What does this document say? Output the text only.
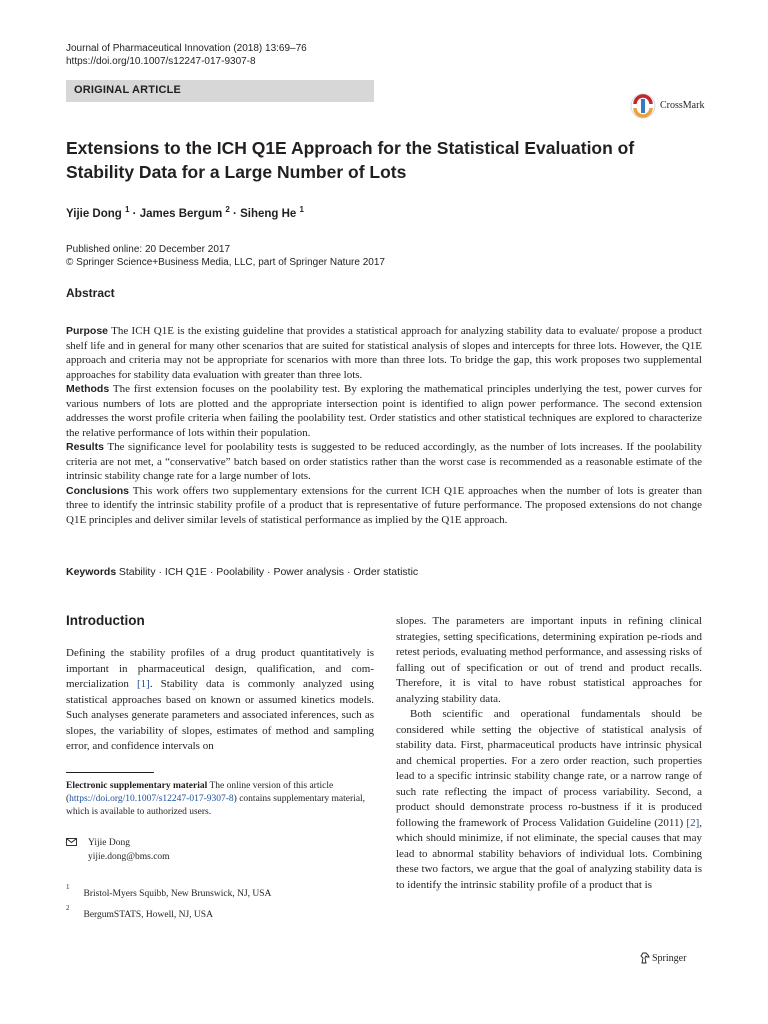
Journal of Pharmaceutical Innovation (2018) 13:69–76
https://doi.org/10.1007/s12247-017-9307-8
ORIGINAL ARTICLE
CrossMark
Extensions to the ICH Q1E Approach for the Statistical Evaluation of Stability Data for a Large Number of Lots
Yijie Dong $^1$ · James Bergum $^2$ · Siheng He $^1$
Published online: 20 December 2017
© Springer Science+Business Media, LLC, part of Springer Nature 2017
Abstract
Purpose The ICH Q1E is the existing guideline that provides a statistical approach for analyzing stability data to evaluate/ propose a product shelf life and in general for many other scenarios that are suited for statistical analysis of slopes and intercepts for three lots. However, the Q1E approach and criteria may not be appropriate for scenarios with more than three lots. To bridge the gap, this work proposes two supplemental approaches for stability data evaluation with greater than three lots.
Methods The first extension focuses on the poolability test. By exploring the mathematical principles underlying the test, power curves for various numbers of lots are plotted and the appropriate intersection point is identified to align power performance. The second extension addresses the worst profile criteria when failing the poolability test. Order statistics and other statistical techniques are explored to characterize the relative performance of lots within their population.
Results The significance level for poolability tests is suggested to be reduced accordingly, as the number of lots increases. If the poolability criteria are not met, a “conservative” batch based on order statistics rather than the worst case is recommended as a reasonable estimate of the intrinsic stability change rate for a large number of lots.
Conclusions This work offers two supplementary extensions for the current ICH Q1E approaches when the number of lots is greater than three to identify the intrinsic stability profile of a product that is representative of future performance. The proposed extensions do not change Q1E principles and deliver similar levels of statistical performance as implied by the Q1E approach.
Keywords Stability · ICH Q1E · Poolability · Power analysis · Order statistic
Introduction
Defining the stability profiles of a drug product quantitatively is important in pharmaceutical design, qualification, and com-mercialization [1]. Stability data is commonly analyzed using statistical approaches based on known or assumed kinetics models. Such analyses generate parameters and associated inferences, such as slopes, the variability of slopes, estimates of method and sampling error, and confidence intervals on
slopes. The parameters are important inputs in refining clinical strategies, setting specifications, determining expiration pe-riods and retest periods, evaluating method performance, and assessing risks of falling out of specification or out of trend and product recalls. Therefore, it is vital to have robust statistical approaches for analyzing stability data.
Both scientific and operational fundamentals should be considered while setting the objective of statistical analysis of stability data. First, pharmaceutical products have intrinsic physical and chemical properties. For a zero order reaction, such properties lead to a specific intrinsic stability change rate, or a narrow range of such rate reflecting the impact of process variability. Second, a product should demonstrate process ro-bustness if it is produced following the framework of Process Validation Guideline (2011) [2], which should minimize, if not eliminate, the special causes that may lead to abnormal stability behaviors of individual lots. Combining these two factors, we argue that the goal of analyzing stability data is to identify the intrinsic stability profile of a product that is
Electronic supplementary material The online version of this article (https://doi.org/10.1007/s12247-017-9307-8) contains supplementary material, which is available to authorized users.
Yijie Dong
yijie.dong@bms.com
$^1$Bristol-Myers Squibb, New Brunswick, NJ, USA
$^2$BergumSTATS, Howell, NJ, USA
Springer
